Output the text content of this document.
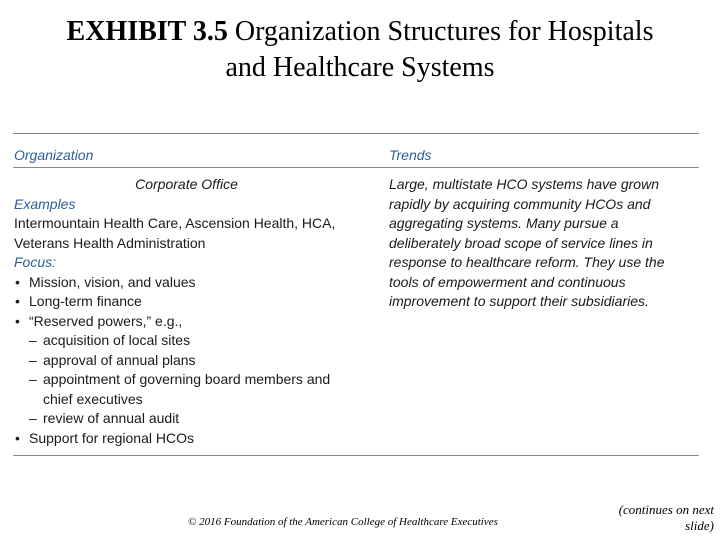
EXHIBIT 3.5 Organization Structures for Hospitals
and Healthcare Systems
Organization	Trends
Corporate Office
Examples
Intermountain Health Care, Ascension Health, HCA, Veterans Health Administration
Focus:
• Mission, vision, and values
• Long-term finance
• “Reserved powers,” e.g.,
– acquisition of local sites
– approval of annual plans
– appointment of governing board members and chief executives
– review of annual audit
• Support for regional HCOs
Large, multistate HCO systems have grown rapidly by acquiring community HCOs and aggregating systems. Many pursue a deliberately broad scope of service lines in response to healthcare reform. They use the tools of empowerment and continuous improvement to support their subsidiaries.
© 2016 Foundation of the American College of Healthcare Executives
(continues on next slide)
